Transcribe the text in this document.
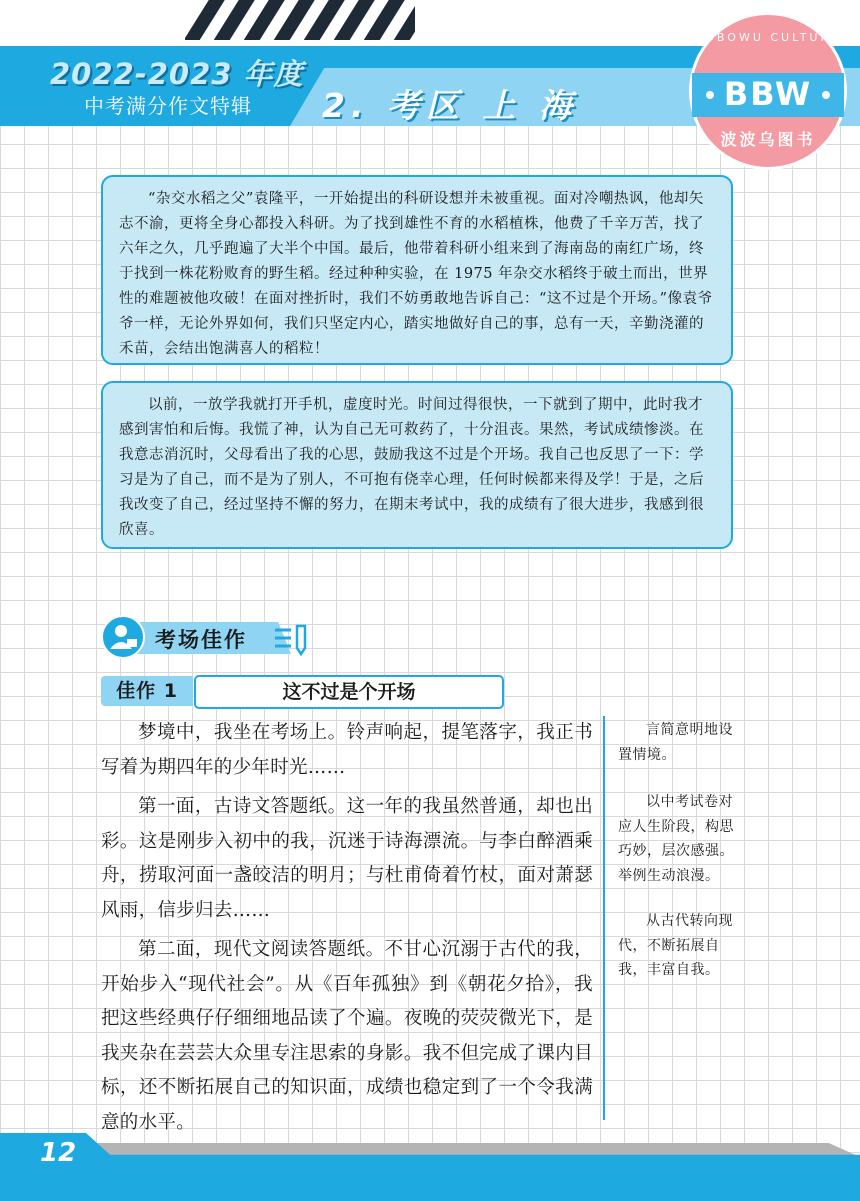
2022-2023 年度
中考满分作文特辑 2. 考区 上 海
BOBOWU CULTURE
BBW
波波乌图书

“杂交水稻之父”袁隆平，一开始提出的科研设想并未被重视。面对冷嘲热讽，他却矢志不渝，更将全身心都投入科研。为了找到雄性不育的水稻植株，他费了千辛万苦，找了六年之久，几乎跑遍了大半个中国。最后，他带着科研小组来到了海南岛的南红广场，终于找到一株花粉败育的野生稻。经过种种实验，在 1975 年杂交水稻终于破土而出，世界性的难题被他攻破！在面对挫折时，我们不妨勇敢地告诉自己：“这不过是个开场。”像袁爷爷一样，无论外界如何，我们只坚定内心，踏实地做好自己的事，总有一天，辛勤浇灌的禾苗，会结出饱满喜人的稻粒！

以前，一放学我就打开手机，虚度时光。时间过得很快，一下就到了期中，此时我才感到害怕和后悔。我慌了神，认为自己无可救药了，十分沮丧。果然，考试成绩惨淡。在我意志消沉时，父母看出了我的心思，鼓励我这不过是个开场。我自己也反思了一下：学习是为了自己，而不是为了别人，不可抱有侥幸心理，任何时候都来得及学！于是，之后我改变了自己，经过坚持不懈的努力，在期末考试中，我的成绩有了很大进步，我感到很欣喜。

考场佳作
佳作 1	这不过是个开场

梦境中，我坐在考场上。铃声响起，提笔落字，我正书写着为期四年的少年时光……

第一面，古诗文答题纸。这一年的我虽然普通，却也出彩。这是刚步入初中的我，沉迷于诗海漂流。与李白醉酒乘舟，捞取河面一盏皎洁的明月；与杜甫倚着竹杖，面对萧瑟风雨，信步归去……

第二面，现代文阅读答题纸。不甘心沉溺于古代的我，开始步入“现代社会”。从《百年孤独》到《朝花夕拾》，我把这些经典仔仔细细地品读了个遍。夜晚的荧荧微光下，是我夹杂在芸芸大众里专注思索的身影。我不但完成了课内目标，还不断拓展自己的知识面，成绩也稳定到了一个令我满意的水平。

言简意明地设置情境。

以中考试卷对应人生阶段，构思巧妙，层次感强。举例生动浪漫。

从古代转向现代，不断拓展自我，丰富自我。

12
